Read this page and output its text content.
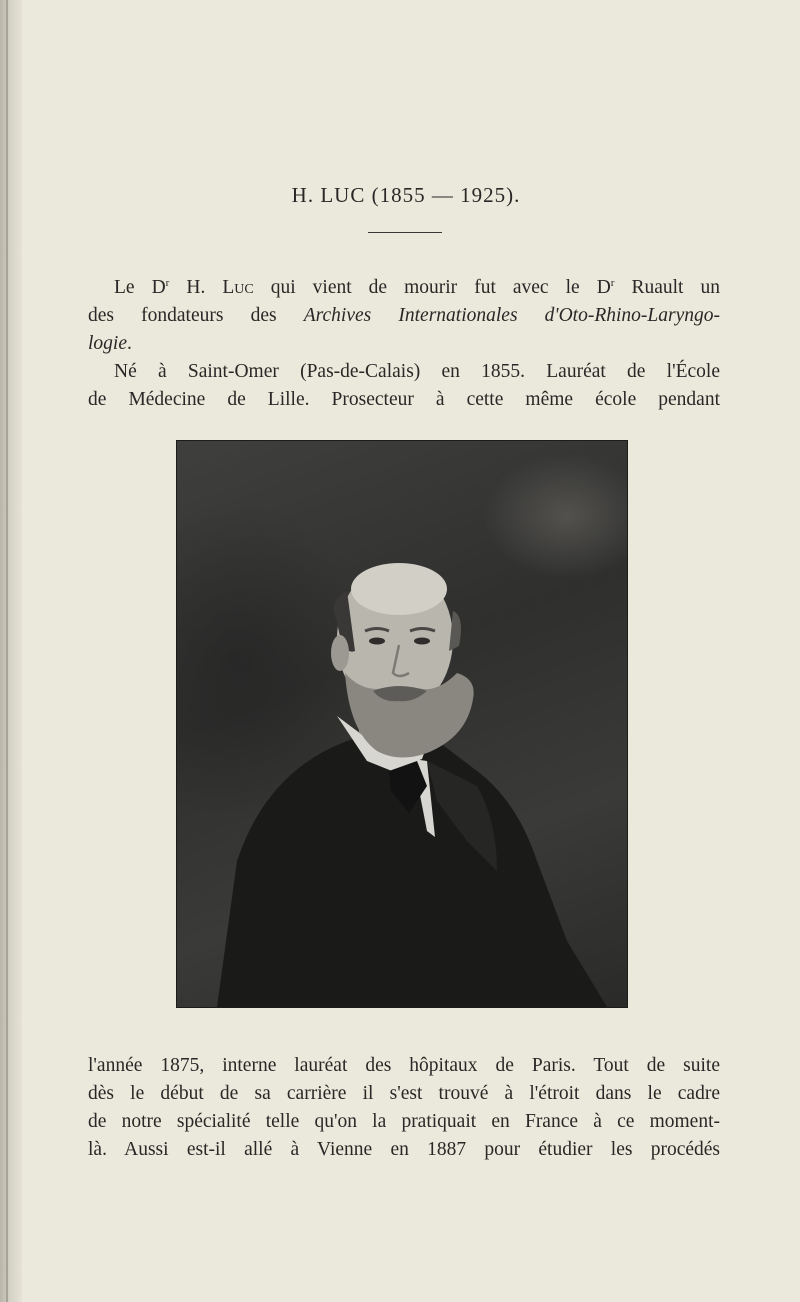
H. LUC (1855 — 1925).
Le $D^r$ H. Luc qui vient de mourir fut avec le $D^r$ Ruault un
des fondateurs des Archives Internationales d'Oto-Rhino-Laryngo-
logie.
Né à Saint-Omer (Pas-de-Calais) en 1855. Lauréat de l'École
de Médecine de Lille. Prosecteur à cette même école pendant
l'année 1875, interne lauréat des hôpitaux de Paris. Tout de suite
dès le début de sa carrière il s'est trouvé à l'étroit dans le cadre
de notre spécialité telle qu'on la pratiquait en France à ce moment-
là. Aussi est-il allé à Vienne en 1887 pour étudier les procédés
